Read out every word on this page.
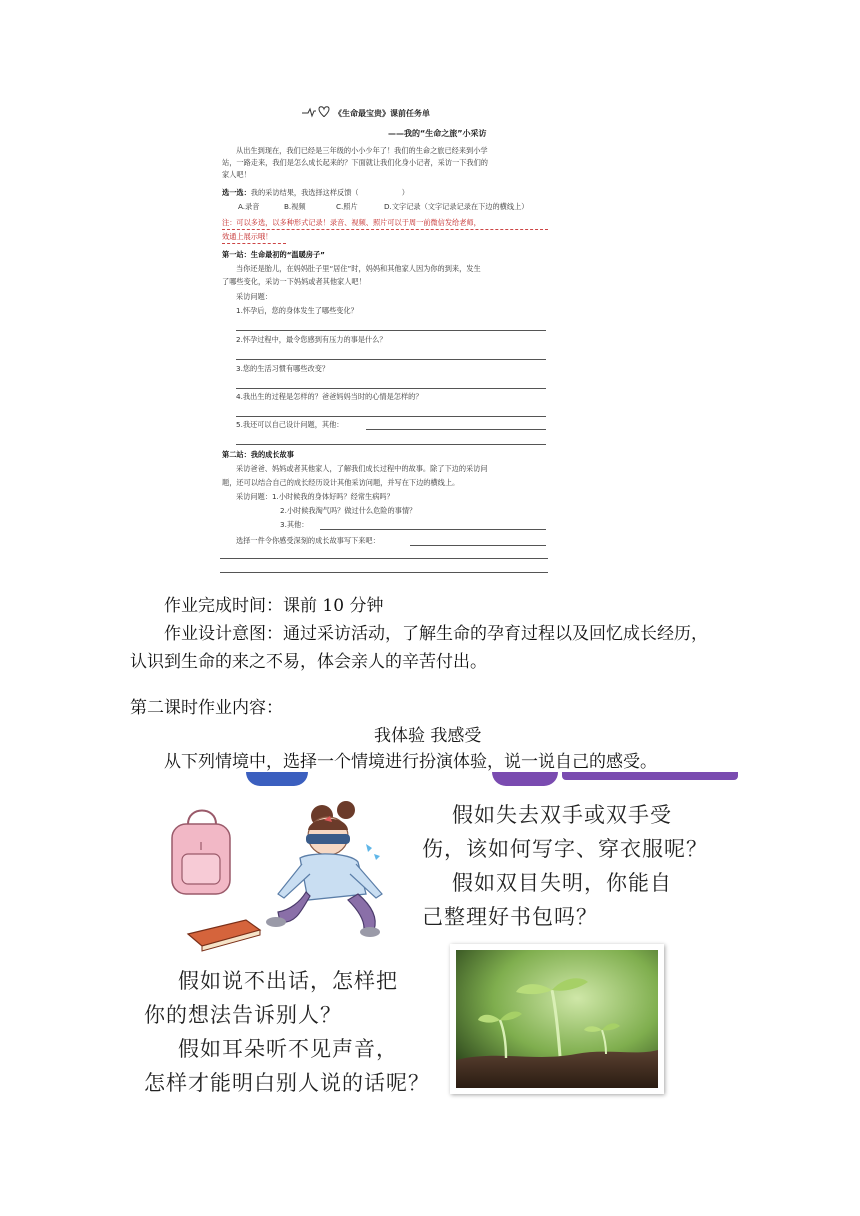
《生命最宝贵》课前任务单
——我的“生命之旅”小采访
从出生到现在，我们已经是三年级的小小少年了！我们的生命之旅已经来到小学
站，一路走来，我们是怎么成长起来的？下面就让我们化身小记者，采访一下我们的
家人吧！
选一选：我的采访结果，我选择这样反馈（　　　　　　）
A.录音	B.视频	C.照片	D.文字记录（文字记录记录在下边的横线上）
注：可以多选，以多种形式记录！录音、视频、照片可以于周一前微信发给老师，
效通上展示哦！
第一站：生命最初的“温暖房子”
当你还是胎儿，在妈妈肚子里“居住”时，妈妈和其他家人因为你的到来，发生
了哪些变化，采访一下妈妈或者其他家人吧！
采访问题：
1.怀孕后，您的身体发生了哪些变化？
2.怀孕过程中，最令您感到有压力的事是什么？
3.您的生活习惯有哪些改变？
4.我出生的过程是怎样的？爸爸妈妈当时的心情是怎样的？
5.我还可以自己设计问题，其他：
第二站：我的成长故事
采访爸爸、妈妈或者其他家人，了解我们成长过程中的故事。除了下边的采访问
题，还可以结合自己的成长经历设计其他采访问题，并写在下边的横线上。
采访问题：1.小时候我的身体好吗？经常生病吗？
2.小时候我淘气吗？做过什么危险的事情？
3.其他：
选择一件令你感受深刻的成长故事写下来吧：
作业完成时间：课前 10 分钟
作业设计意图：通过采访活动，了解生命的孕育过程以及回忆成长经历，
认识到生命的来之不易，体会亲人的辛苦付出。
第二课时作业内容：
我体验 我感受
从下列情境中，选择一个情境进行扮演体验，说一说自己的感受。
假如失去双手或双手受
伤，该如何写字、穿衣服呢？
假如双目失明，你能自
己整理好书包吗？
假如说不出话，怎样把
你的想法告诉别人？
假如耳朵听不见声音，
怎样才能明白别人说的话呢？
